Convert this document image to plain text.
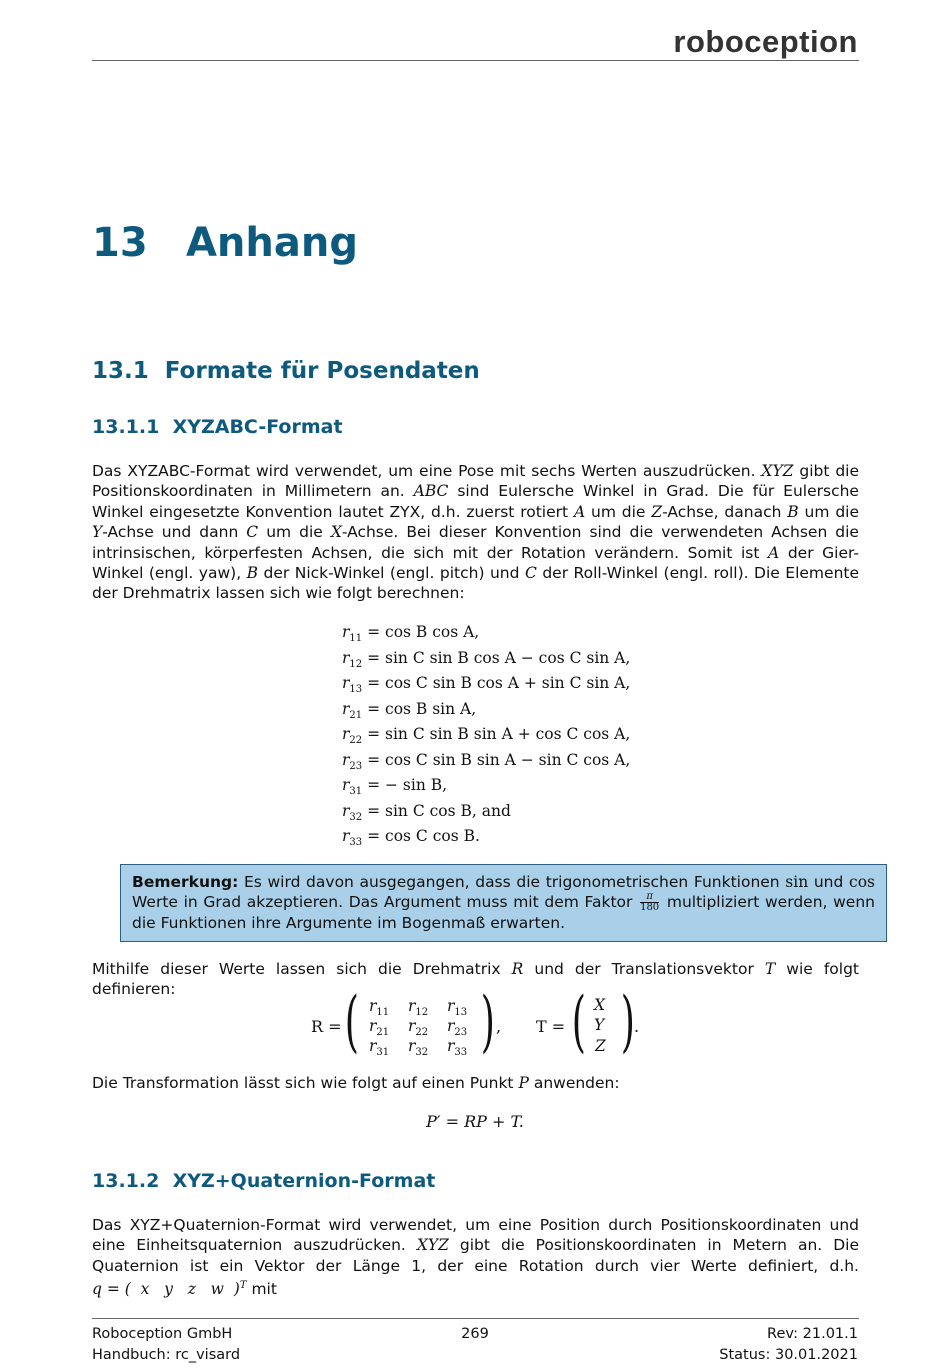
roboception
13 Anhang
13.1 Formate für Posendaten
13.1.1 XYZABC-Format
Das XYZABC-Format wird verwendet, um eine Pose mit sechs Werten auszudrücken. XYZ gibt die Positionskoordinaten in Millimetern an. ABC sind Eulersche Winkel in Grad. Die für Eulersche Winkel eingesetzte Konvention lautet ZYX, d.h. zuerst rotiert A um die Z-Achse, danach B um die Y-Achse und dann C um die X-Achse. Bei dieser Konvention sind die verwendeten Achsen die intrinsischen, körperfesten Achsen, die sich mit der Rotation verändern. Somit ist A der Gier-Winkel (engl. yaw), B der Nick-Winkel (engl. pitch) und C der Roll-Winkel (engl. roll). Die Elemente der Drehmatrix lassen sich wie folgt berechnen:
$r_{11} = \cos B$ cos A,
$r_{12} = \sin C$ sin B cos A − cos C sin A,
$r_{13} = \cos C$ sin B cos A + sin C sin A,
$r_{21} = \cos B$ sin A,
$r_{22} = \sin C$ sin B sin A + cos C cos A,
$r_{23} = \cos C$ sin B sin A − sin C cos A,
$r_{31}$ = − sin B,
$r_{32} = \sin C$ cos B, and
$r_{33} = \cos C$ cos B.
Bemerkung: Es wird davon ausgegangen, dass die trigonometrischen Funktionen sin und cos Werte in Grad akzeptieren. Das Argument muss mit dem Faktor $\frac{\pi}{180}$ multipliziert werden, wenn die Funktionen ihre Argumente im Bogenmaß erwarten.
Mithilfe dieser Werte lassen sich die Drehmatrix R und der Translationsvektor T wie folgt definieren:
R = ( $r_{11}$ $r_{12}$ $r_{13}$
$r_{21}$ $r_{22}$ $r_{23}$
$r_{31}$ $r_{32}$ $r_{33}$ ) , T = ( X
Y
Z ) .
Die Transformation lässt sich wie folgt auf einen Punkt P anwenden:
P′ = RP + T.
13.1.2 XYZ+Quaternion-Format
Das XYZ+Quaternion-Format wird verwendet, um eine Position durch Positionskoordinaten und eine Einheitsquaternion auszudrücken. XYZ gibt die Positionskoordinaten in Metern an. Die Quaternion ist ein Vektor der Länge 1, der eine Rotation durch vier Werte definiert, d.h. q = (  x   y   z   w  )$^T$ mit
Roboception GmbH
Handbuch: rc_visard
269	Rev: 21.01.1
Status: 30.01.2021
